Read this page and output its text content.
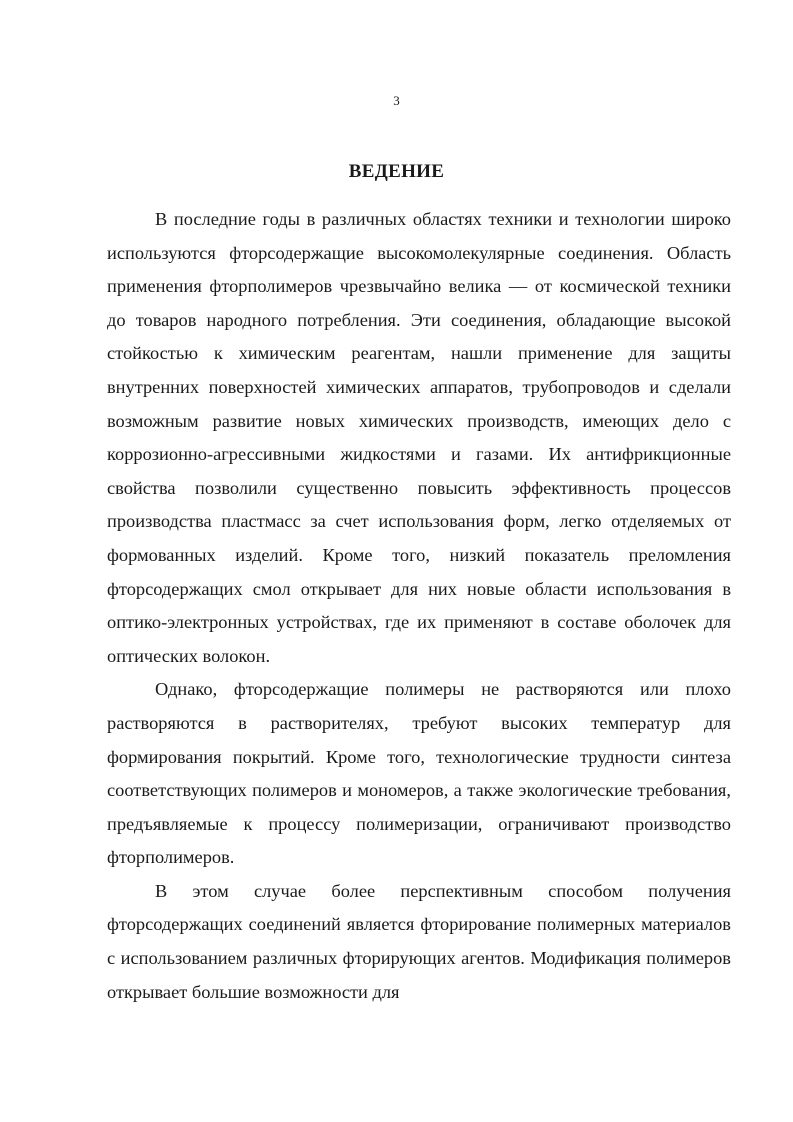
3
ВЕДЕНИЕ

В последние годы в различных областях техники и технологии широко используются фторсодержащие высокомолекулярные соединения. Область применения фторполимеров чрезвычайно велика — от космической техники до товаров народного потребления. Эти соединения, обладающие высокой стойкостью к химическим реагентам, нашли применение для защиты внутренних поверхностей химических аппаратов, трубопроводов и сделали возможным развитие новых химических производств, имеющих дело с коррозионно-агрессивными жидкостями и газами. Их антифрикционные свойства позволили существенно повысить эффективность процессов производства пластмасс за счет использования форм, легко отделяемых от формованных изделий. Кроме того, низкий показатель преломления фторсодержащих смол открывает для них новые области использования в оптико-электронных устройствах, где их применяют в составе оболочек для оптических волокон.

Однако, фторсодержащие полимеры не растворяются или плохо растворяются в растворителях, требуют высоких температур для формирования покрытий. Кроме того, технологические трудности синтеза соответствующих полимеров и мономеров, а также экологические требования, предъявляемые к процессу полимеризации, ограничивают производство фторполимеров.

В этом случае более перспективным способом получения фторсодержащих соединений является фторирование полимерных материалов с использованием различных фторирующих агентов. Модификация полимеров открывает большие возможности для
